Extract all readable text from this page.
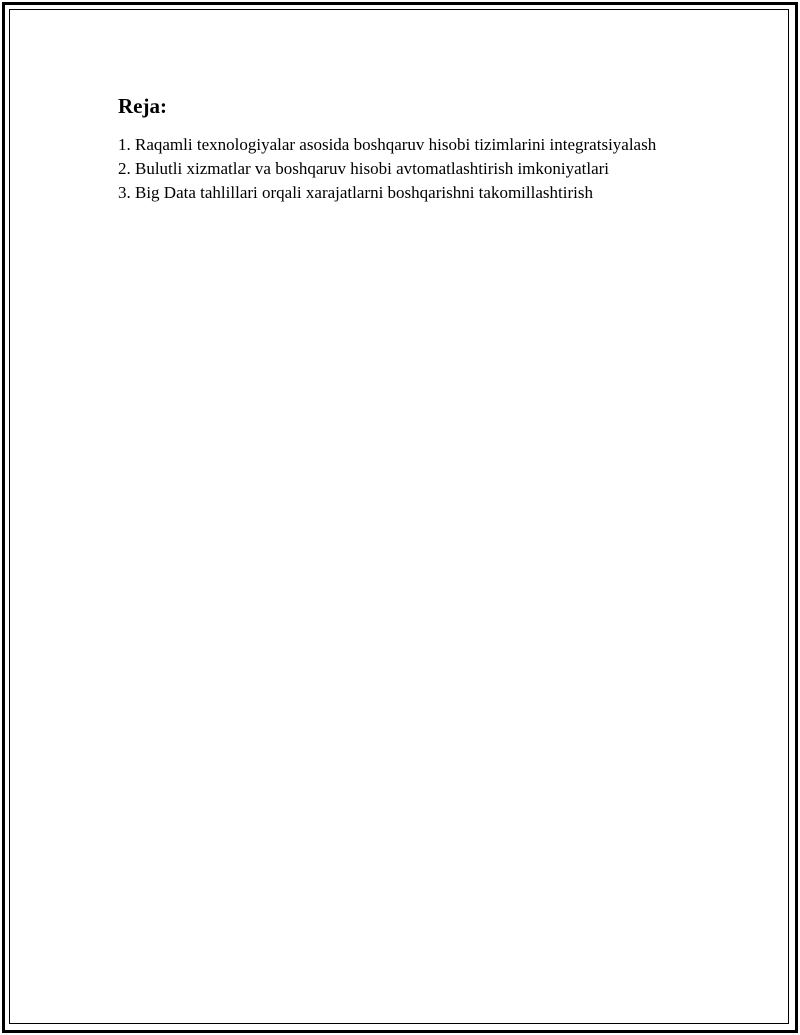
Reja:
1. Raqamli texnologiyalar asosida boshqaruv hisobi tizimlarini integratsiyalash
2. Bulutli xizmatlar va boshqaruv hisobi avtomatlashtirish imkoniyatlari
3. Big Data tahlillari orqali xarajatlarni boshqarishni takomillashtirish
